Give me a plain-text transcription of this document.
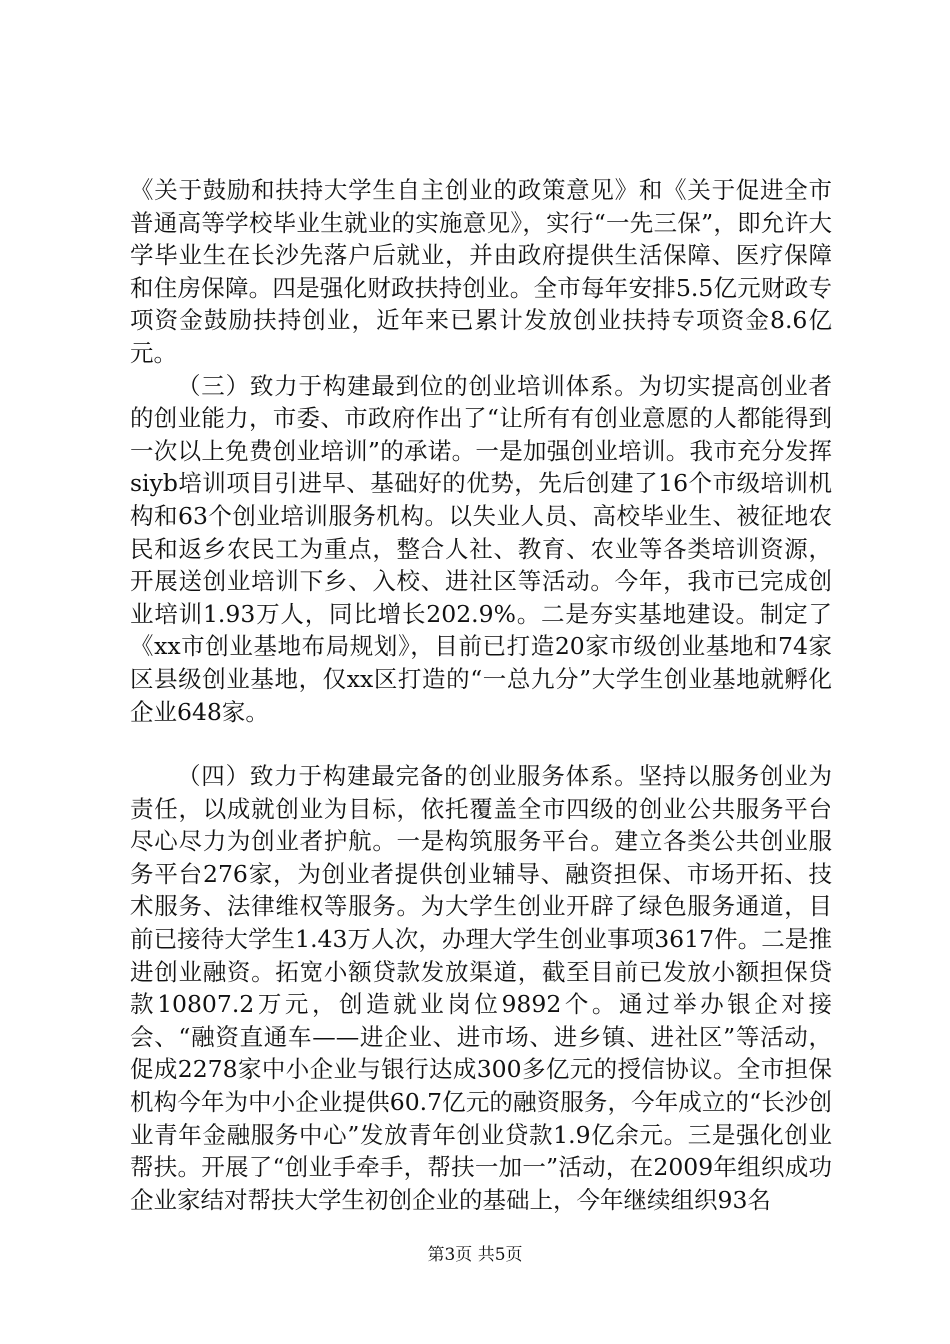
《关于鼓励和扶持大学生自主创业的政策意见》和《关于促进全市普通高等学校毕业生就业的实施意见》，实行“一先三保”，即允许大学毕业生在长沙先落户后就业，并由政府提供生活保障、医疗保障和住房保障。四是强化财政扶持创业。全市每年安排5.5亿元财政专项资金鼓励扶持创业，近年来已累计发放创业扶持专项资金8.6亿元。

（三）致力于构建最到位的创业培训体系。为切实提高创业者的创业能力，市委、市政府作出了“让所有有创业意愿的人都能得到一次以上免费创业培训”的承诺。一是加强创业培训。我市充分发挥siyb培训项目引进早、基础好的优势，先后创建了16个市级培训机构和63个创业培训服务机构。以失业人员、高校毕业生、被征地农民和返乡农民工为重点，整合人社、教育、农业等各类培训资源，开展送创业培训下乡、入校、进社区等活动。今年，我市已完成创业培训1.93万人，同比增长202.9%。二是夯实基地建设。制定了《xx市创业基地布局规划》，目前已打造20家市级创业基地和74家区县级创业基地，仅xx区打造的“一总九分”大学生创业基地就孵化企业648家。

（四）致力于构建最完备的创业服务体系。坚持以服务创业为责任，以成就创业为目标，依托覆盖全市四级的创业公共服务平台尽心尽力为创业者护航。一是构筑服务平台。建立各类公共创业服务平台276家，为创业者提供创业辅导、融资担保、市场开拓、技术服务、法律维权等服务。为大学生创业开辟了绿色服务通道，目前已接待大学生1.43万人次，办理大学生创业事项3617件。二是推进创业融资。拓宽小额贷款发放渠道，截至目前已发放小额担保贷款10807.2万元，创造就业岗位9892个。通过举办银企对接会、“融资直通车——进企业、进市场、进乡镇、进社区”等活动，促成2278家中小企业与银行达成300多亿元的授信协议。全市担保机构今年为中小企业提供60.7亿元的融资服务，今年成立的“长沙创业青年金融服务中心”发放青年创业贷款1.9亿余元。三是强化创业帮扶。开展了“创业手牵手，帮扶一加一”活动，在2009年组织成功企业家结对帮扶大学生初创企业的基础上，今年继续组织93名

第3页 共5页
